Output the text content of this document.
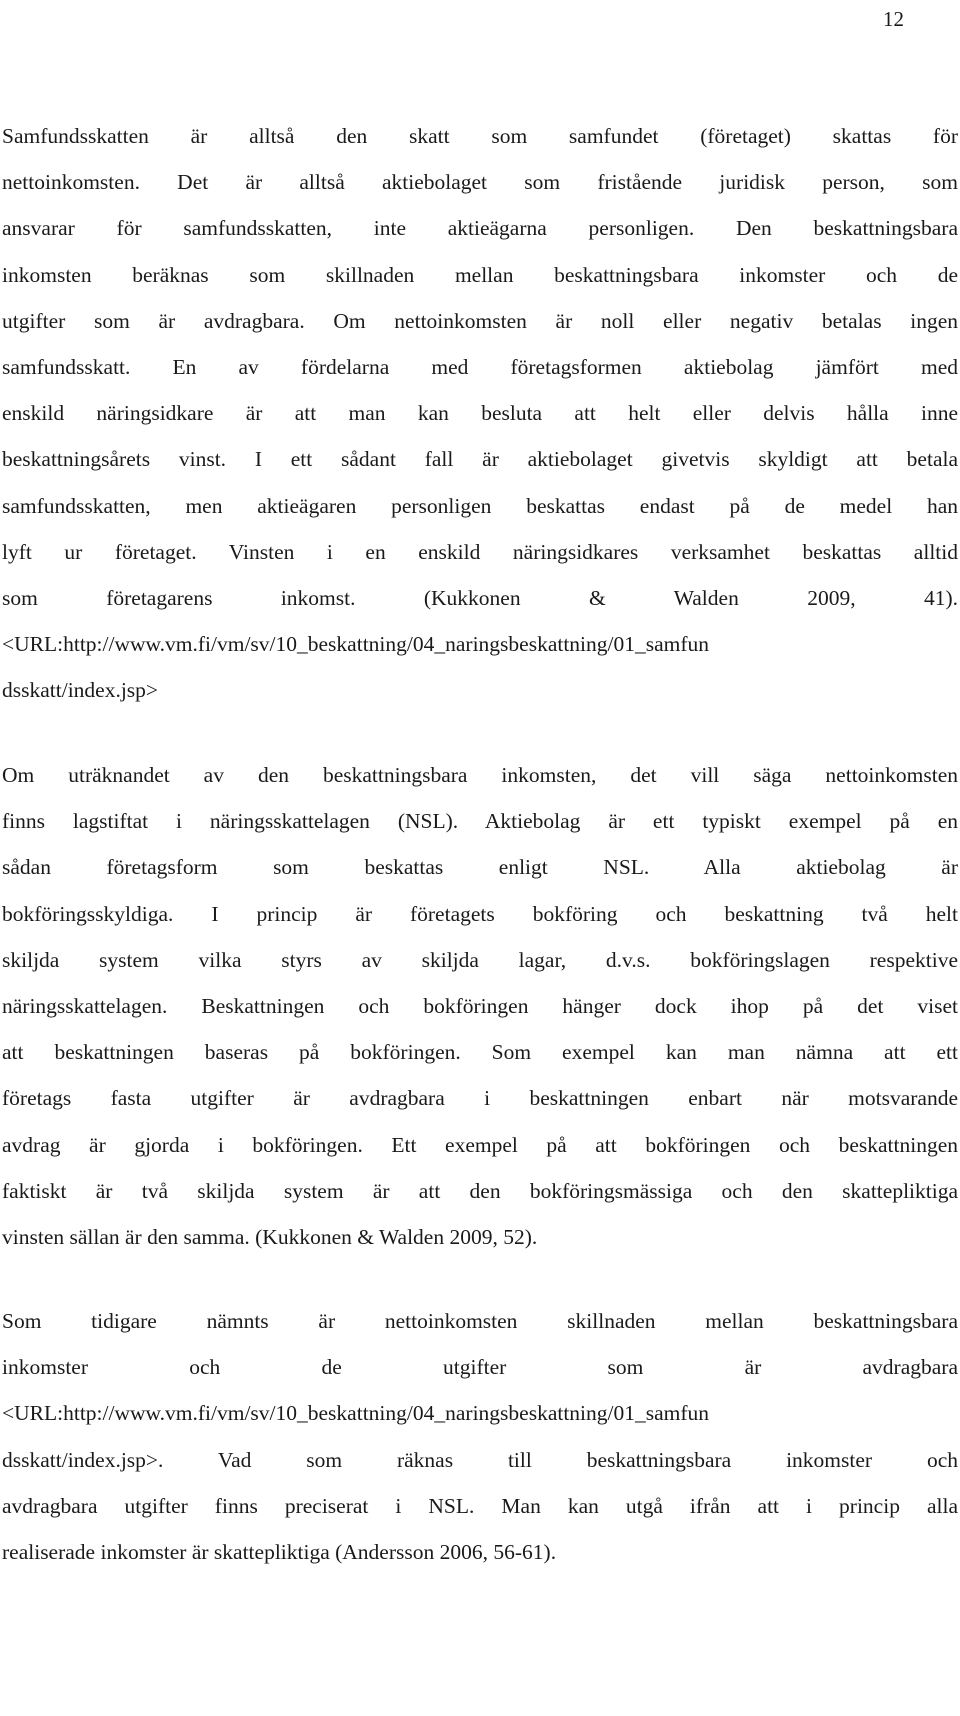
12
Samfundsskatten är alltså den skatt som samfundet (företaget) skattas för
nettoinkomsten. Det är alltså aktiebolaget som fristående juridisk person, som
ansvarar för samfundsskatten, inte aktieägarna personligen. Den beskattningsbara
inkomsten beräknas som skillnaden mellan beskattningsbara inkomster och de
utgifter som är avdragbara. Om nettoinkomsten är noll eller negativ betalas ingen
samfundsskatt. En av fördelarna med företagsformen aktiebolag jämfört med
enskild näringsidkare är att man kan besluta att helt eller delvis hålla inne
beskattningsårets vinst. I ett sådant fall är aktiebolaget givetvis skyldigt att betala
samfundsskatten, men aktieägaren personligen beskattas endast på de medel han
lyft ur företaget. Vinsten i en enskild näringsidkares verksamhet beskattas alltid
som företagarens inkomst. (Kukkonen & Walden 2009, 41).
<URL:http://www.vm.fi/vm/sv/10_beskattning/04_naringsbeskattning/01_samfun
dsskatt/index.jsp>
Om uträknandet av den beskattningsbara inkomsten, det vill säga nettoinkomsten
finns lagstiftat i näringsskattelagen (NSL). Aktiebolag är ett typiskt exempel på en
sådan företagsform som beskattas enligt NSL. Alla aktiebolag är
bokföringsskyldiga. I princip är företagets bokföring och beskattning två helt
skiljda system vilka styrs av skiljda lagar, d.v.s. bokföringslagen respektive
näringsskattelagen. Beskattningen och bokföringen hänger dock ihop på det viset
att beskattningen baseras på bokföringen. Som exempel kan man nämna att ett
företags fasta utgifter är avdragbara i beskattningen enbart när motsvarande
avdrag är gjorda i bokföringen. Ett exempel på att bokföringen och beskattningen
faktiskt är två skiljda system är att den bokföringsmässiga och den skattepliktiga
vinsten sällan är den samma. (Kukkonen & Walden 2009, 52).
Som tidigare nämnts är nettoinkomsten skillnaden mellan beskattningsbara
inkomster och de utgifter som är avdragbara
<URL:http://www.vm.fi/vm/sv/10_beskattning/04_naringsbeskattning/01_samfun
dsskatt/index.jsp>. Vad som räknas till beskattningsbara inkomster och
avdragbara utgifter finns preciserat i NSL. Man kan utgå ifrån att i princip alla
realiserade inkomster är skattepliktiga (Andersson 2006, 56-61).
